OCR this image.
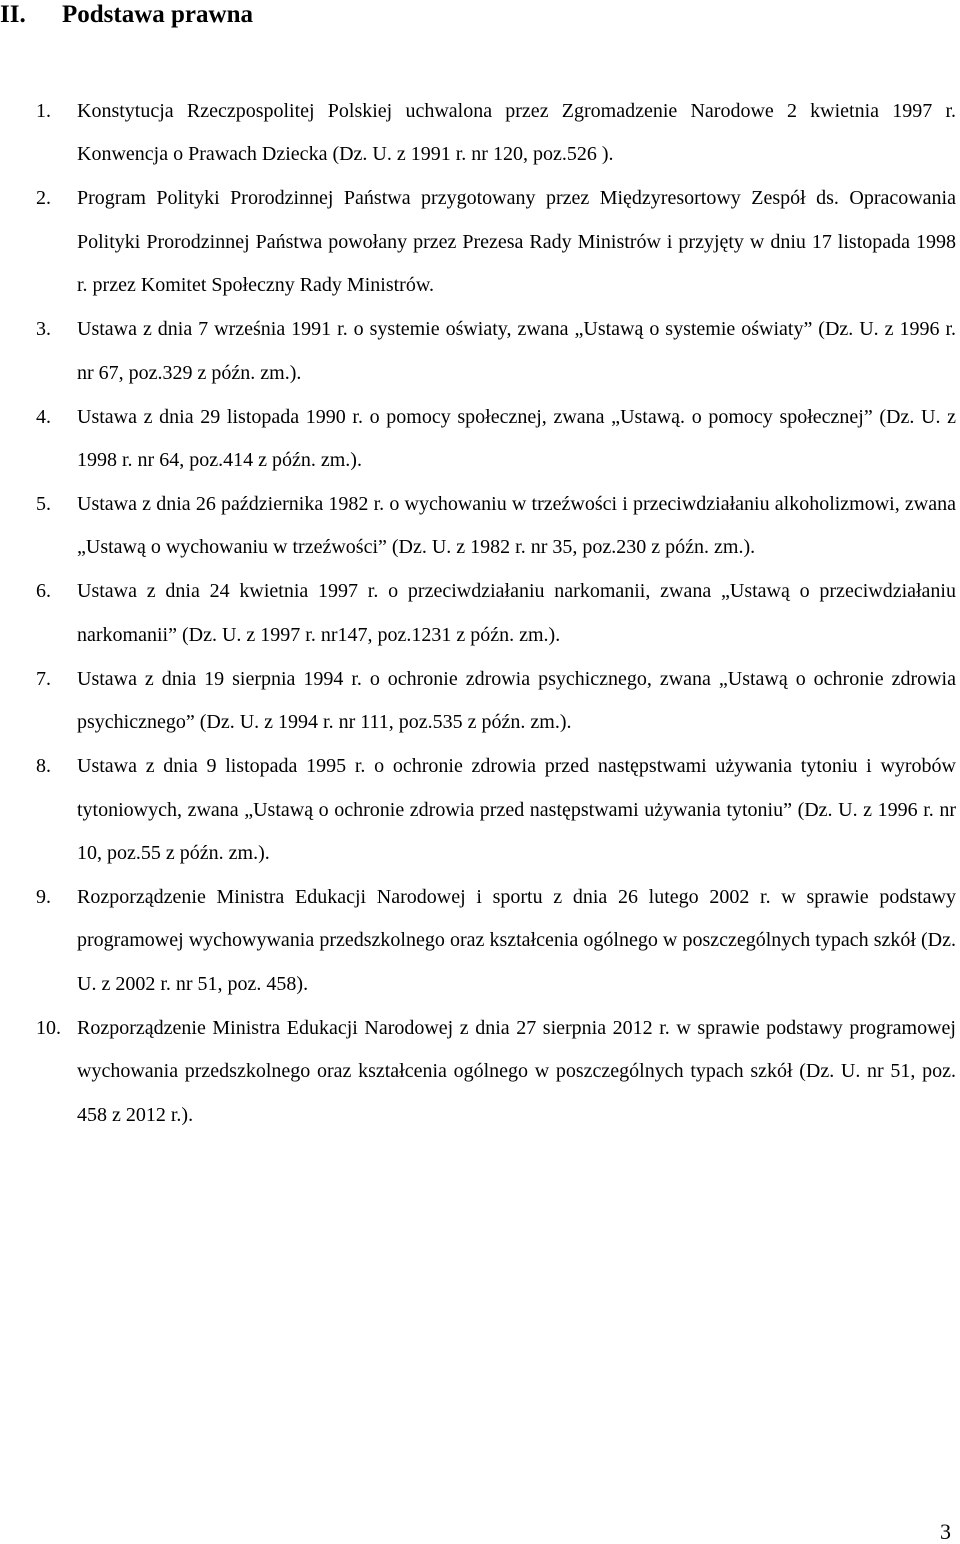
II.	Podstawa prawna
1.	Konstytucja Rzeczpospolitej Polskiej uchwalona przez Zgromadzenie Narodowe 2 kwietnia 1997 r. Konwencja o Prawach Dziecka (Dz. U. z 1991 r. nr 120, poz.526 ).
2.	Program Polityki Prorodzinnej Państwa przygotowany przez Międzyresortowy Zespół ds. Opracowania Polityki Prorodzinnej Państwa powołany przez Prezesa Rady Ministrów i przyjęty w dniu 17 listopada 1998 r. przez Komitet Społeczny Rady Ministrów.
3.	Ustawa z dnia 7 września 1991 r. o systemie oświaty, zwana „Ustawą o systemie oświaty” (Dz. U. z 1996 r. nr 67, poz.329 z późn. zm.).
4.	Ustawa z dnia 29 listopada 1990 r. o pomocy społecznej, zwana „Ustawą. o pomocy społecznej” (Dz. U. z 1998 r. nr 64, poz.414 z późn. zm.).
5.	Ustawa z dnia 26 października 1982 r. o wychowaniu w trzeźwości i przeciwdziałaniu alkoholizmowi, zwana „Ustawą o wychowaniu w trzeźwości” (Dz. U. z 1982 r. nr 35, poz.230 z późn. zm.).
6.	Ustawa z dnia 24 kwietnia 1997 r. o przeciwdziałaniu narkomanii, zwana „Ustawą o przeciwdziałaniu narkomanii” (Dz. U. z 1997 r. nr147, poz.1231 z późn. zm.).
7.	Ustawa z dnia 19 sierpnia 1994 r. o ochronie zdrowia psychicznego, zwana „Ustawą o ochronie zdrowia psychicznego” (Dz. U. z 1994 r. nr 111, poz.535 z późn. zm.).
8.	Ustawa z dnia 9 listopada 1995 r. o ochronie zdrowia przed następstwami używania tytoniu i wyrobów tytoniowych, zwana „Ustawą o ochronie zdrowia przed następstwami używania tytoniu” (Dz. U. z 1996 r. nr 10, poz.55 z późn. zm.).
9.	Rozporządzenie Ministra Edukacji Narodowej i sportu z dnia 26 lutego 2002 r. w sprawie podstawy programowej wychowywania przedszkolnego oraz kształcenia ogólnego w poszczególnych typach szkół (Dz. U. z 2002 r. nr 51, poz. 458).
10. Rozporządzenie Ministra Edukacji Narodowej z dnia 27 sierpnia 2012 r. w sprawie podstawy programowej wychowania przedszkolnego oraz kształcenia ogólnego w poszczególnych typach szkół (Dz. U. nr 51, poz. 458 z 2012 r.).
3
